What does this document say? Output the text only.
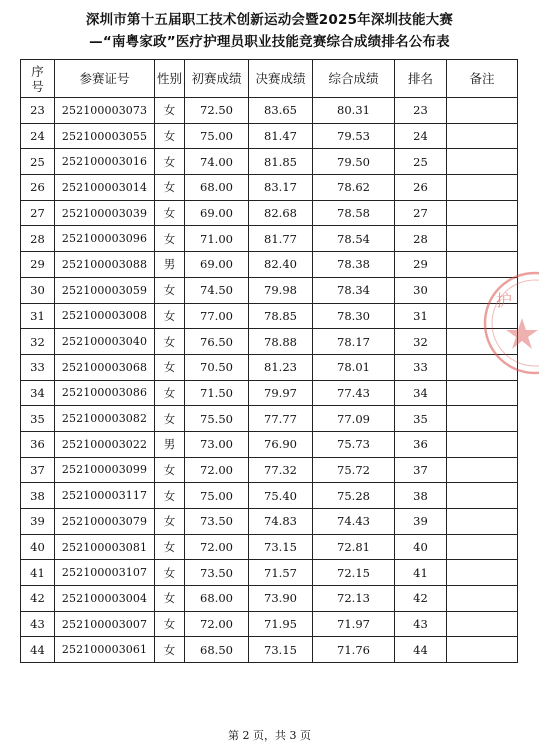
深圳市第十五届职工技术创新运动会暨2025年深圳技能大赛
—“南粤家政”医疗护理员职业技能竞赛综合成绩排名公布表
序
号	参赛证号	性别	初赛成绩	决赛成绩	综合成绩	排名	备注
23	252100003073	女	72.50	83.65	80.31	23	
24	252100003055	女	75.00	81.47	79.53	24	
25	252100003016	女	74.00	81.85	79.50	25	
26	252100003014	女	68.00	83.17	78.62	26	
27	252100003039	女	69.00	82.68	78.58	27	
28	252100003096	女	71.00	81.77	78.54	28	
29	252100003088	男	69.00	82.40	78.38	29	
30	252100003059	女	74.50	79.98	78.34	30	
31	252100003008	女	77.00	78.85	78.30	31	
32	252100003040	女	76.50	78.88	78.17	32	
33	252100003068	女	70.50	81.23	78.01	33	
34	252100003086	女	71.50	79.97	77.43	34	
35	252100003082	女	75.50	77.77	77.09	35	
36	252100003022	男	73.00	76.90	75.73	36	
37	252100003099	女	72.00	77.32	75.72	37	
38	252100003117	女	75.00	75.40	75.28	38	
39	252100003079	女	73.50	74.83	74.43	39	
40	252100003081	女	72.00	73.15	72.81	40	
41	252100003107	女	73.50	71.57	72.15	41	
42	252100003004	女	68.00	73.90	72.13	42	
43	252100003007	女	72.00	71.95	71.97	43	
44	252100003061	女	68.50	73.15	71.76	44	
护
第 2 页，共 3 页
